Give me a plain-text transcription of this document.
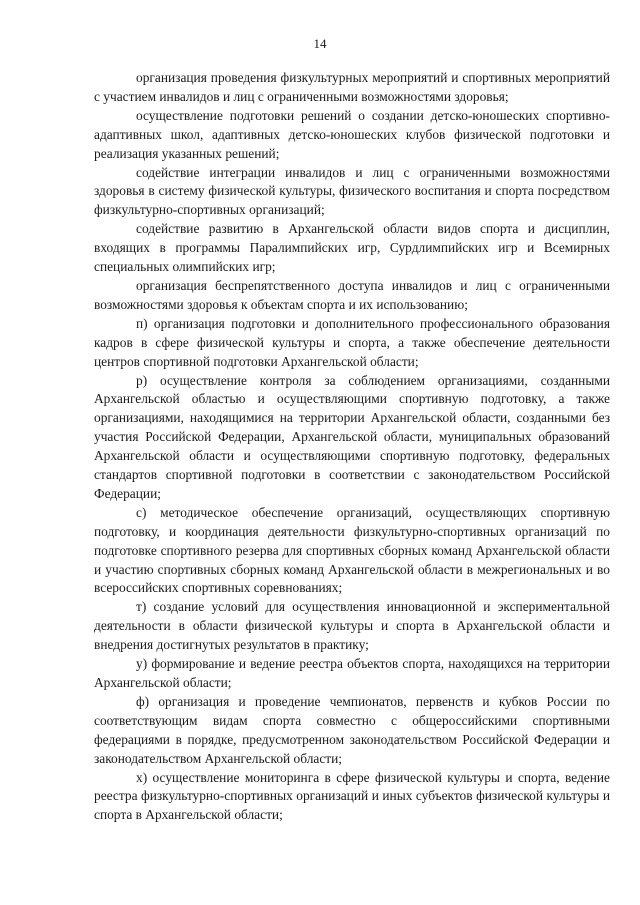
14

организация проведения физкультурных мероприятий и спортивных мероприятий с участием инвалидов и лиц с ограниченными возможностями здоровья;

осуществление подготовки решений о создании детско-юношеских спортивно-адаптивных школ, адаптивных детско-юношеских клубов физической подготовки и реализация указанных решений;

содействие интеграции инвалидов и лиц с ограниченными возможностями здоровья в систему физической культуры, физического воспитания и спорта посредством физкультурно-спортивных организаций;

содействие развитию в Архангельской области видов спорта и дисциплин, входящих в программы Паралимпийских игр, Сурдлимпийских игр и Всемирных специальных олимпийских игр;

организация беспрепятственного доступа инвалидов и лиц с ограниченными возможностями здоровья к объектам спорта и их использованию;

п) организация подготовки и дополнительного профессионального образования кадров в сфере физической культуры и спорта, а также обеспечение деятельности центров спортивной подготовки Архангельской области;

р) осуществление контроля за соблюдением организациями, созданными Архангельской областью и осуществляющими спортивную подготовку, а также организациями, находящимися на территории Архангельской области, созданными без участия Российской Федерации, Архангельской области, муниципальных образований Архангельской области и осуществляющими спортивную подготовку, федеральных стандартов спортивной подготовки в соответствии с законодательством Российской Федерации;

с) методическое обеспечение организаций, осуществляющих спортивную подготовку, и координация деятельности физкультурно-спортивных организаций по подготовке спортивного резерва для спортивных сборных команд Архангельской области и участию спортивных сборных команд Архангельской области в межрегиональных и во всероссийских спортивных соревнованиях;

т) создание условий для осуществления инновационной и экспериментальной деятельности в области физической культуры и спорта в Архангельской области и внедрения достигнутых результатов в практику;

у) формирование и ведение реестра объектов спорта, находящихся на территории Архангельской области;

ф) организация и проведение чемпионатов, первенств и кубков России по соответствующим видам спорта совместно с общероссийскими спортивными федерациями в порядке, предусмотренном законодательством Российской Федерации и законодательством Архангельской области;

х) осуществление мониторинга в сфере физической культуры и спорта, ведение реестра физкультурно-спортивных организаций и иных субъектов физической культуры и спорта в Архангельской области;
